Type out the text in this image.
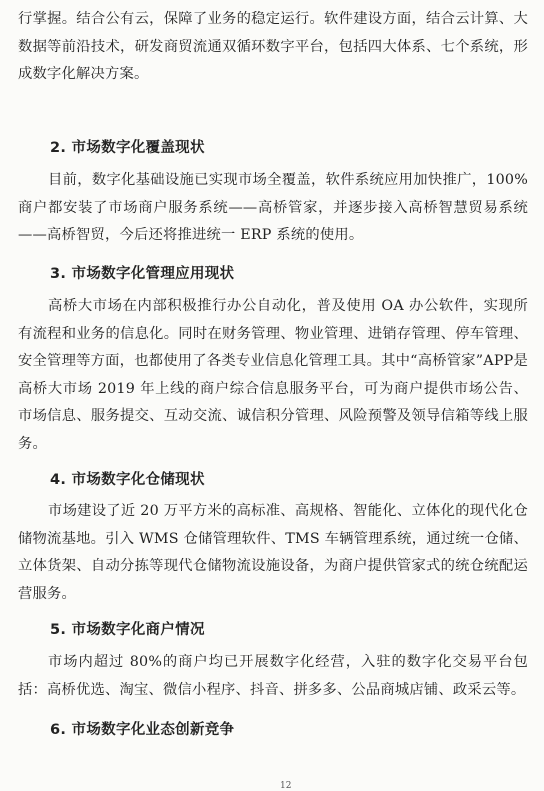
行掌握。结合公有云，保障了业务的稳定运行。软件建设方面，结合云计算、大数据等前沿技术，研发商贸流通双循环数字平台，包括四大体系、七个系统，形成数字化解决方案。

2. 市场数字化覆盖现状

目前，数字化基础设施已实现市场全覆盖，软件系统应用加快推广，100%商户都安装了市场商户服务系统——高桥管家，并逐步接入高桥智慧贸易系统——高桥智贸，今后还将推进统一 ERP 系统的使用。

3. 市场数字化管理应用现状

高桥大市场在内部积极推行办公自动化，普及使用 OA 办公软件，实现所有流程和业务的信息化。同时在财务管理、物业管理、进销存管理、停车管理、安全管理等方面，也都使用了各类专业信息化管理工具。其中“高桥管家”APP是高桥大市场 2019 年上线的商户综合信息服务平台，可为商户提供市场公告、市场信息、服务提交、互动交流、诚信积分管理、风险预警及领导信箱等线上服务。

4. 市场数字化仓储现状

市场建设了近 20 万平方米的高标准、高规格、智能化、立体化的现代化仓储物流基地。引入 WMS 仓储管理软件、TMS 车辆管理系统，通过统一仓储、立体货架、自动分拣等现代仓储物流设施设备，为商户提供管家式的统仓统配运营服务。

5. 市场数字化商户情况

市场内超过 80%的商户均已开展数字化经营，入驻的数字化交易平台包括：高桥优选、淘宝、微信小程序、抖音、拼多多、公品商城店铺、政采云等。

6. 市场数字化业态创新竞争

12
